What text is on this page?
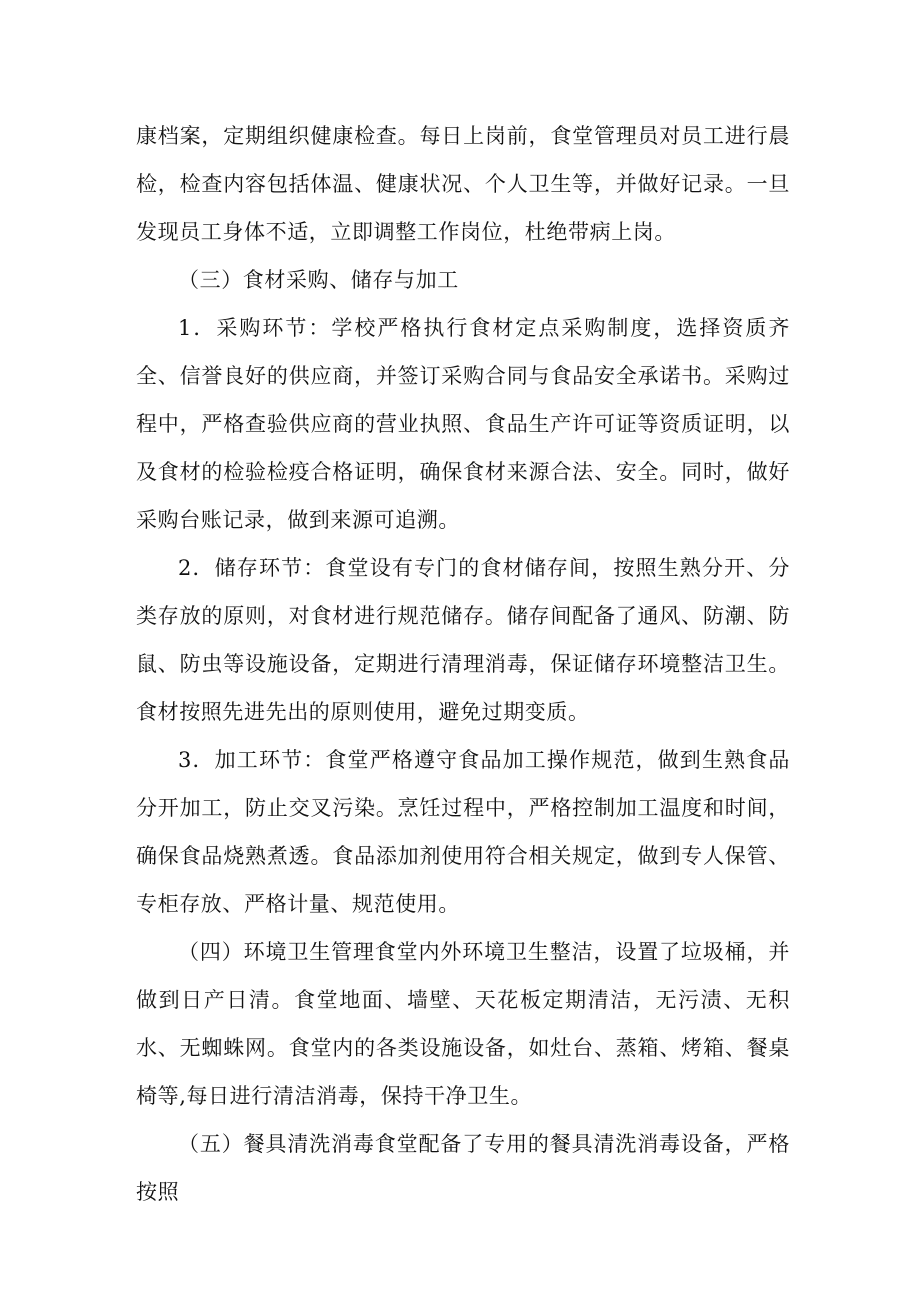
康档案，定期组织健康检查。每日上岗前，食堂管理员对员工进行晨检，检查内容包括体温、健康状况、个人卫生等，并做好记录。一旦发现员工身体不适，立即调整工作岗位，杜绝带病上岗。

（三）食材采购、储存与加工

1．采购环节：学校严格执行食材定点采购制度，选择资质齐全、信誉良好的供应商，并签订采购合同与食品安全承诺书。采购过程中，严格查验供应商的营业执照、食品生产许可证等资质证明，以及食材的检验检疫合格证明，确保食材来源合法、安全。同时，做好采购台账记录，做到来源可追溯。

2．储存环节：食堂设有专门的食材储存间，按照生熟分开、分类存放的原则，对食材进行规范储存。储存间配备了通风、防潮、防鼠、防虫等设施设备，定期进行清理消毒，保证储存环境整洁卫生。食材按照先进先出的原则使用，避免过期变质。

3．加工环节：食堂严格遵守食品加工操作规范，做到生熟食品分开加工，防止交叉污染。烹饪过程中，严格控制加工温度和时间，确保食品烧熟煮透。食品添加剂使用符合相关规定，做到专人保管、专柜存放、严格计量、规范使用。

（四）环境卫生管理食堂内外环境卫生整洁，设置了垃圾桶，并做到日产日清。食堂地面、墙壁、天花板定期清洁，无污渍、无积水、无蜘蛛网。食堂内的各类设施设备，如灶台、蒸箱、烤箱、餐桌椅等,每日进行清洁消毒，保持干净卫生。

（五）餐具清洗消毒食堂配备了专用的餐具清洗消毒设备，严格按照
